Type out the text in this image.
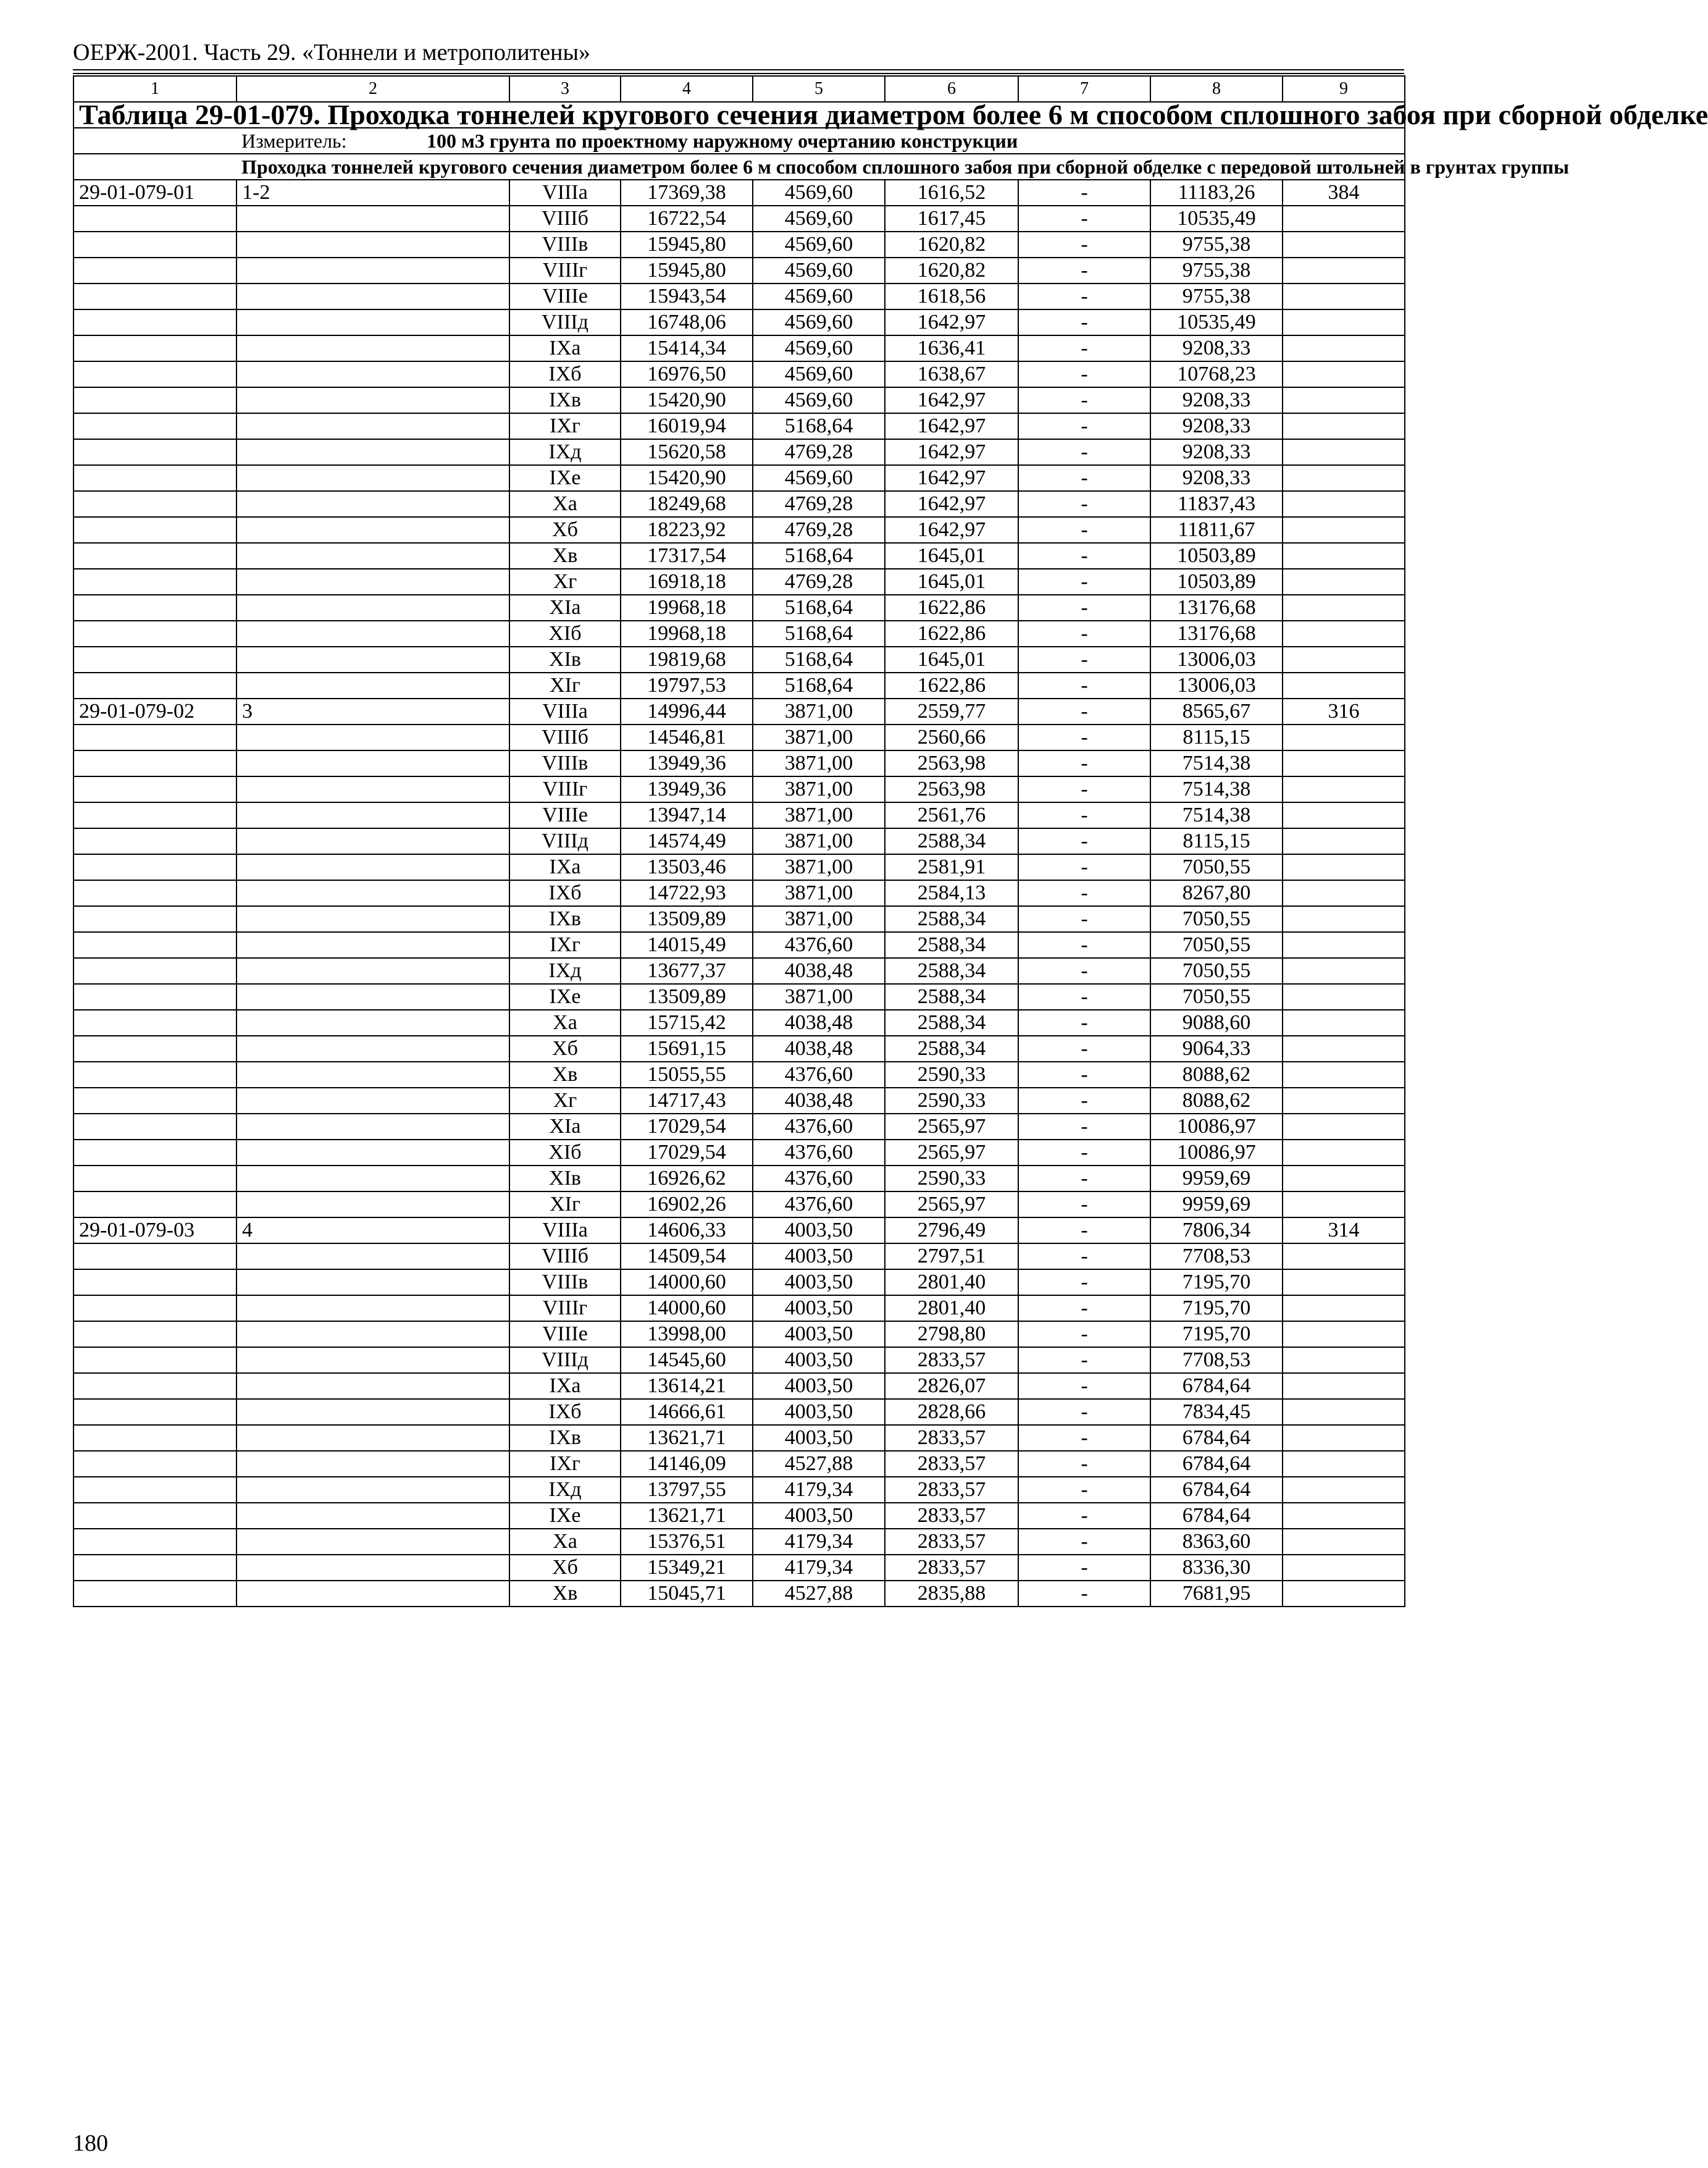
ОЕРЖ-2001. Часть 29. «Тоннели и метрополитены»
1	2	3	4	5	6	7	8	9
Таблица 29-01-079. Проходка тоннелей кругового сечения диаметром более 6 м способом сплошного забоя при сборной обделке								
	Измеритель: 100 м3 грунта по проектному наружному очертанию конструкции							
	Проходка тоннелей кругового сечения диаметром более 6 м способом сплошного забоя при сборной обделке с передовой штольней в грунтах группы							
29-01-079-01	1-2	VIIIа	17369,38	4569,60	1616,52	-	11183,26	384
		VIIIб	16722,54	4569,60	1617,45	-	10535,49	
		VIIIв	15945,80	4569,60	1620,82	-	9755,38	
		VIIIг	15945,80	4569,60	1620,82	-	9755,38	
		VIIIе	15943,54	4569,60	1618,56	-	9755,38	
		VIIIд	16748,06	4569,60	1642,97	-	10535,49	
		IXа	15414,34	4569,60	1636,41	-	9208,33	
		IXб	16976,50	4569,60	1638,67	-	10768,23	
		IXв	15420,90	4569,60	1642,97	-	9208,33	
		IXг	16019,94	5168,64	1642,97	-	9208,33	
		IXд	15620,58	4769,28	1642,97	-	9208,33	
		IXе	15420,90	4569,60	1642,97	-	9208,33	
		Xа	18249,68	4769,28	1642,97	-	11837,43	
		Xб	18223,92	4769,28	1642,97	-	11811,67	
		Xв	17317,54	5168,64	1645,01	-	10503,89	
		Xг	16918,18	4769,28	1645,01	-	10503,89	
		XIа	19968,18	5168,64	1622,86	-	13176,68	
		XIб	19968,18	5168,64	1622,86	-	13176,68	
		XIв	19819,68	5168,64	1645,01	-	13006,03	
		XIг	19797,53	5168,64	1622,86	-	13006,03	
29-01-079-02	3	VIIIа	14996,44	3871,00	2559,77	-	8565,67	316
		VIIIб	14546,81	3871,00	2560,66	-	8115,15	
		VIIIв	13949,36	3871,00	2563,98	-	7514,38	
		VIIIг	13949,36	3871,00	2563,98	-	7514,38	
		VIIIе	13947,14	3871,00	2561,76	-	7514,38	
		VIIIд	14574,49	3871,00	2588,34	-	8115,15	
		IXа	13503,46	3871,00	2581,91	-	7050,55	
		IXб	14722,93	3871,00	2584,13	-	8267,80	
		IXв	13509,89	3871,00	2588,34	-	7050,55	
		IXг	14015,49	4376,60	2588,34	-	7050,55	
		IXд	13677,37	4038,48	2588,34	-	7050,55	
		IXе	13509,89	3871,00	2588,34	-	7050,55	
		Xа	15715,42	4038,48	2588,34	-	9088,60	
		Xб	15691,15	4038,48	2588,34	-	9064,33	
		Xв	15055,55	4376,60	2590,33	-	8088,62	
		Xг	14717,43	4038,48	2590,33	-	8088,62	
		XIа	17029,54	4376,60	2565,97	-	10086,97	
		XIб	17029,54	4376,60	2565,97	-	10086,97	
		XIв	16926,62	4376,60	2590,33	-	9959,69	
		XIг	16902,26	4376,60	2565,97	-	9959,69	
29-01-079-03	4	VIIIа	14606,33	4003,50	2796,49	-	7806,34	314
		VIIIб	14509,54	4003,50	2797,51	-	7708,53	
		VIIIв	14000,60	4003,50	2801,40	-	7195,70	
		VIIIг	14000,60	4003,50	2801,40	-	7195,70	
		VIIIе	13998,00	4003,50	2798,80	-	7195,70	
		VIIIд	14545,60	4003,50	2833,57	-	7708,53	
		IXа	13614,21	4003,50	2826,07	-	6784,64	
		IXб	14666,61	4003,50	2828,66	-	7834,45	
		IXв	13621,71	4003,50	2833,57	-	6784,64	
		IXг	14146,09	4527,88	2833,57	-	6784,64	
		IXд	13797,55	4179,34	2833,57	-	6784,64	
		IXе	13621,71	4003,50	2833,57	-	6784,64	
		Xа	15376,51	4179,34	2833,57	-	8363,60	
		Xб	15349,21	4179,34	2833,57	-	8336,30	
		Xв	15045,71	4527,88	2835,88	-	7681,95	
180
